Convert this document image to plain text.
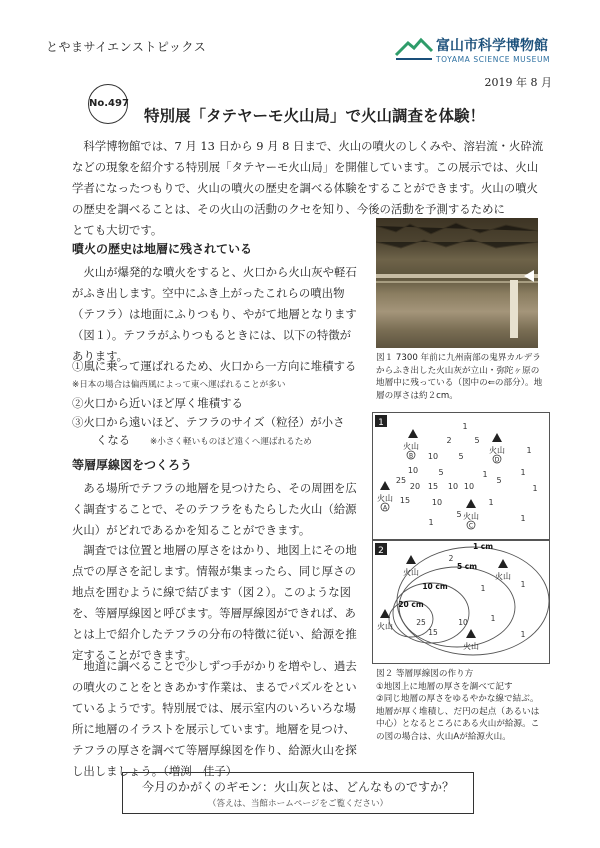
とやまサイエンストピックス	富山市科学博物館
TOYAMA SCIENCE MUSEUM
2019 年 8 月
No.497
特別展「タテヤーモ火山局」で火山調査を体験！

科学博物館では、7 月 13 日から 9 月 8 日まで、火山の噴火のしくみや、溶岩流・火砕流などの現象を紹介する特別展「タテヤーモ火山局」を開催しています。この展示では、火山学者になったつもりで、火山の噴火の歴史を調べる体験をすることができます。火山の噴火の歴史を調べることは、その火山の活動のクセを知り、今後の活動を予測するために

とても大切です。

噴火の歴史は地層に残されている

火山が爆発的な噴火をすると、火口から火山灰や軽石がふき出します。空中にふき上がったこれらの噴出物（テフラ）は地面にふりつもり、やがて地層となります（図１）。テフラがふりつもるときには、以下の特徴があります。

①風に乗って運ばれるため、火口から一方向に堆積する
※日本の場合は偏西風によって東へ運ばれることが多い
②火口から近いほど厚く堆積する
③火口から遠いほど、テフラのサイズ（粒径）が小さ
くなる ※小さく軽いものほど遠くへ運ばれるため
等層厚線図をつくろう

ある場所でテフラの地層を見つけたら、その周囲を広く調査することで、そのテフラをもたらした火山（給源火山）がどれであるかを知ることができます。

調査では位置と地層の厚さをはかり、地図上にその地点での厚さを記します。情報が集まったら、同じ厚さの地点を囲むように線で結びます（図２）。このような図を、等層厚線図と呼びます。等層厚線図ができれば、あとは上で紹介したテフラの分布の特徴に従い、給源を推定することができます。

地道に調べることで少しずつ手がかりを増やし、過去の噴火のことをときあかす作業は、まるでパズルをといているようです。特別展では、展示室内のいろいろな場所に地層のイラストを展示しています。地層を見つけ、テフラの厚さを調べて等層厚線図を作り、給源火山を探し出しましょう。（増渕　佳子）

図１ 7300 年前に九州南部の鬼界カルデラからふき出した火山灰が立山・弥陀ヶ原の地層中に残っている（図中の⇐の部分）。地層の厚さは約２cm。

1
火山	火山
火山
火山
B
D
A
C
1
2	5
1
10	5
1
1
10	5
15 10
25
20	10
5
1
15	10	1
5
1	1
2	1 cm
5 cm
10 cm
20 cm
火山	火山
火山
火山
2
1
1
25
15
10	1
1

図２ 等層厚線図の作り方

①地図上に地層の厚さを調べて記す

②同じ地層の厚さをゆるやかな線で結ぶ。地層が厚く堆積し、だ円の起点（あるいは中心）となるところにある火山が給源。この図の場合は、火山Aが給源火山。

今月のかがくのギモン：火山灰とは、どんなものですか？
（答えは、当館ホームページをご覧ください）
